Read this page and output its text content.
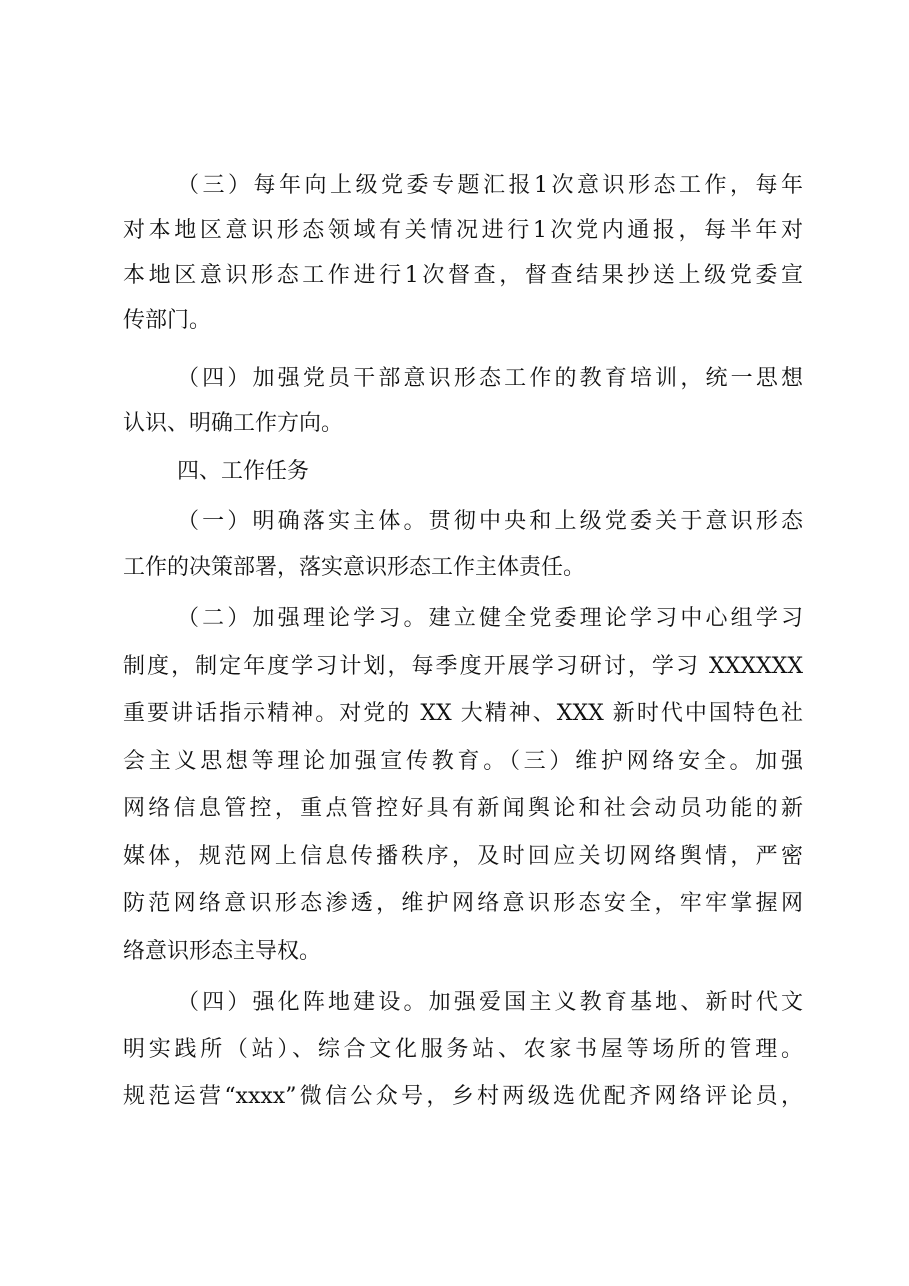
（三）每年向上级党委专题汇报1次意识形态工作，每年
对本地区意识形态领域有关情况进行1次党内通报，每半年对
本地区意识形态工作进行1次督查，督查结果抄送上级党委宣
传部门。
（四）加强党员干部意识形态工作的教育培训，统一思想
认识、明确工作方向。
四、工作任务
（一）明确落实主体。贯彻中央和上级党委关于意识形态
工作的决策部署，落实意识形态工作主体责任。
（二）加强理论学习。建立健全党委理论学习中心组学习
制度，制定年度学习计划，每季度开展学习研讨，学习 XXXXXX
重要讲话指示精神。对党的 XX 大精神、XXX 新时代中国特色社
会主义思想等理论加强宣传教育。（三）维护网络安全。加强
网络信息管控，重点管控好具有新闻舆论和社会动员功能的新
媒体，规范网上信息传播秩序，及时回应关切网络舆情，严密
防范网络意识形态渗透，维护网络意识形态安全，牢牢掌握网
络意识形态主导权。
（四）强化阵地建设。加强爱国主义教育基地、新时代文
明实践所（站）、综合文化服务站、农家书屋等场所的管理。
规范运营“xxxx”微信公众号，乡村两级选优配齐网络评论员，
